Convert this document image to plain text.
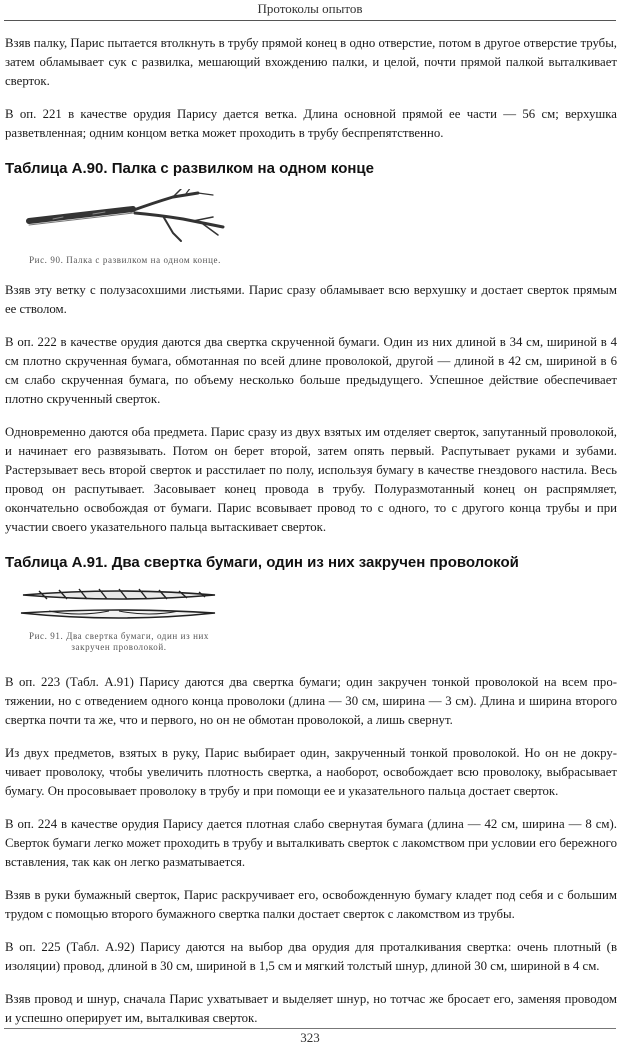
Протоколы опытов

Взяв палку, Парис пытается втолкнуть в трубу прямой конец в одно отверстие, потом в другое отверстие трубы, затем обламывает сук с развилка, мешающий вхождению палки, и целой, почти прямой палкой выталкивает сверток.

В оп. 221 в качестве орудия Парису дается ветка. Длина основной прямой ее части — 56 см; верхушка разветвленная; одним концом ветка может проходить в трубу беспрепятственно.

Таблица А.90. Палка с развилком на одном конце
Рис. 90. Палка с развилком на одном конце.

Взяв эту ветку с полузасохшими листьями. Парис сразу обламывает всю верхушку и достает сверток прямым ее стволом.

В оп. 222 в качестве орудия даются два свертка скрученной бумаги. Один из них длиной в 34 см, шириной в 4 см плотно скрученная бумага, обмотанная по всей длине проволокой, другой — длиной в 42 см, шириной в 6 см слабо скрученная бумага, по объему несколько больше предыдущего. Успешное действие обеспечивает плотно скрученный сверток.

Одновременно даются оба предмета. Парис сразу из двух взятых им отделяет сверток, запутанный проволокой, и начинает его развязывать. Потом он берет второй, затем опять первый. Распутывает руками и зубами. Растерзывает весь второй сверток и расстилает по полу, используя бумагу в качестве гнездового настила. Весь провод он распутывает. Засовывает конец провода в трубу. Полуразмотанный конец он распрямляет, окончательно освобождая от бумаги. Парис всовывает провод то с одного, то с другого конца трубы и при участии своего указательного пальца вытаскивает сверток.

Таблица А.91. Два свертка бумаги, один из них закручен проволокой
Рис. 91. Два свертка бумаги, один из них
закручен проволокой.

В оп. 223 (Табл. А.91) Парису даются два свертка бумаги; один закручен тонкой проволокой на всем протяжении, но с отведением одного конца проволоки (длина — 30 см, ширина — 3 см). Длина и ширина второго свертка почти та же, что и первого, но он не обмотан проволокой, а лишь свернут.

Из двух предметов, взятых в руку, Парис выбирает один, закрученный тонкой проволокой. Но он не докручивает проволоку, чтобы увеличить плотность свертка, а наоборот, освобождает всю проволоку, выбрасывает бумагу. Он просовывает проволоку в трубу и при помощи ее и указательного пальца достает сверток.

В оп. 224 в качестве орудия Парису дается плотная слабо свернутая бумага (длина — 42 см, ширина — 8 см). Сверток бумаги легко может проходить в трубу и выталкивать сверток с лакомством при условии его бережного вставления, так как он легко разматывается.

Взяв в руки бумажный сверток, Парис раскручивает его, освобожденную бумагу кладет под себя и с большим трудом с помощью второго бумажного свертка палки достает сверток с лакомством из трубы.

В оп. 225 (Табл. А.92) Парису даются на выбор два орудия для проталкивания свертка: очень плотный (в изоляции) провод, длиной в 30 см, шириной в 1,5 см и мягкий толстый шнур, длиной 30 см, шириной в 4 см.

Взяв провод и шнур, сначала Парис ухватывает и выделяет шнур, но тотчас же бросает его, заменяя проводом и успешно оперирует им, выталкивая сверток.

323
